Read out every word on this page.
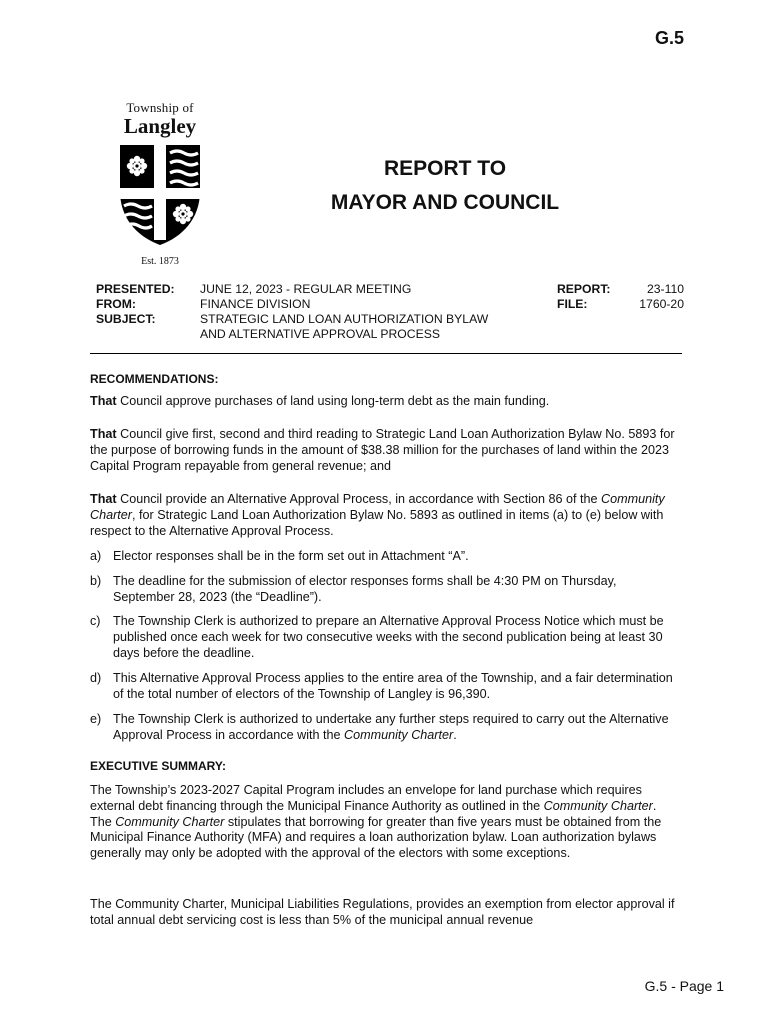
G.5
Township of
Langley
Est. 1873
REPORT TO
MAYOR AND COUNCIL
PRESENTED: JUNE 12, 2023 - REGULAR MEETING
FROM:	FINANCE DIVISION
SUBJECT:	STRATEGIC LAND LOAN AUTHORIZATION BYLAW
AND ALTERNATIVE APPROVAL PROCESS
REPORT:	23-110
FILE:	1760-20
RECOMMENDATIONS:
That Council approve purchases of land using long-term debt as the main funding.
That Council give first, second and third reading to Strategic Land Loan Authorization Bylaw No. 5893 for the purpose of borrowing funds in the amount of $38.38 million for the purchases of land within the 2023 Capital Program repayable from general revenue; and
That Council provide an Alternative Approval Process, in accordance with Section 86 of the Community Charter, for Strategic Land Loan Authorization Bylaw No. 5893 as outlined in items (a) to (e) below with respect to the Alternative Approval Process.
a) Elector responses shall be in the form set out in Attachment “A”.
b) The deadline for the submission of elector responses forms shall be 4:30 PM on Thursday, September 28, 2023 (the “Deadline”).
c) The Township Clerk is authorized to prepare an Alternative Approval Process Notice which must be published once each week for two consecutive weeks with the second publication being at least 30 days before the deadline.
d) This Alternative Approval Process applies to the entire area of the Township, and a fair determination of the total number of electors of the Township of Langley is 96,390.
e) The Township Clerk is authorized to undertake any further steps required to carry out the Alternative Approval Process in accordance with the Community Charter.
EXECUTIVE SUMMARY:
The Township’s 2023-2027 Capital Program includes an envelope for land purchase which requires external debt financing through the Municipal Finance Authority as outlined in the Community Charter. The Community Charter stipulates that borrowing for greater than five years must be obtained from the Municipal Finance Authority (MFA) and requires a loan authorization bylaw. Loan authorization bylaws generally may only be adopted with the approval of the electors with some exceptions.
The Community Charter, Municipal Liabilities Regulations, provides an exemption from elector approval if total annual debt servicing cost is less than 5% of the municipal annual revenue
G.5 - Page 1
